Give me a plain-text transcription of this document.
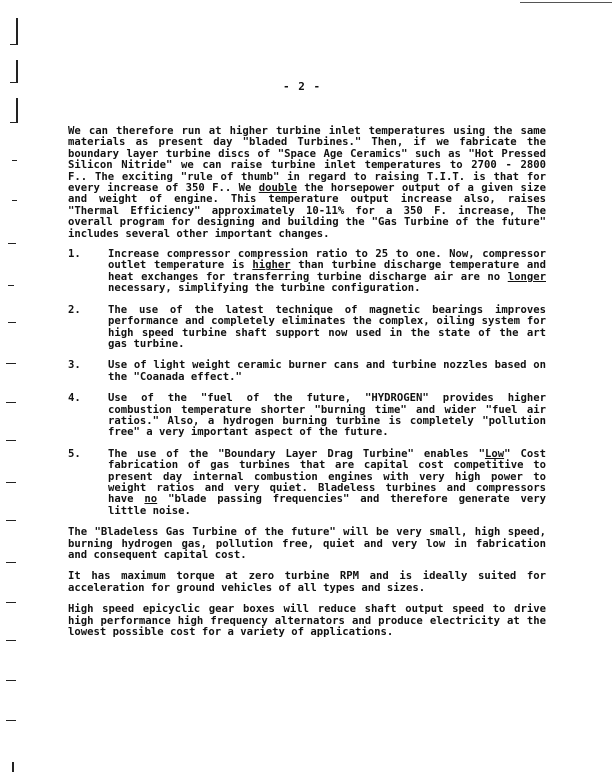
- 2 -

We can therefore run at higher turbine inlet temperatures using the same materials as present day "bladed Turbines." Then, if we fabricate the boundary layer turbine discs of "Space Age Ceramics" such as "Hot Pressed Silicon Nitride" we can raise turbine inlet temperatures to 2700 - 2800 F.. The exciting "rule of thumb" in regard to raising T.I.T. is that for every increase of 350 F.. We double the horsepower output of a given size and weight of engine. This temperature output increase also, raises "Thermal Efficiency" approximately 10-11% for a 350 F. increase, The overall program for designing and building the "Gas Turbine of the future" includes several other important changes.

1.	Increase compressor compression ratio to 25 to one. Now, compressor outlet temperature is higher than turbine discharge temperature and heat exchanges for transferring turbine discharge air are no longer necessary, simplifying the turbine configuration.
2.	The use of the latest technique of magnetic bearings improves performance and completely eliminates the complex, oiling system for high speed turbine shaft support now used in the state of the art gas turbine.
3.	Use of light weight ceramic burner cans and turbine nozzles based on the "Coanada effect."
4.	Use of the "fuel of the future, "HYDROGEN" provides higher combustion temperature shorter "burning time" and wider "fuel air ratios." Also, a hydrogen burning turbine is completely "pollution free" a very important aspect of the future.
5.	The use of the "Boundary Layer Drag Turbine" enables "Low" Cost fabrication of gas turbines that are capital cost competitive to present day internal combustion engines with very high power to weight ratios and very quiet. Bladeless turbines and compressors have no "blade passing frequencies" and therefore generate very little noise.

The "Bladeless Gas Turbine of the future" will be very small, high speed, burning hydrogen gas, pollution free, quiet and very low in fabrication and consequent capital cost.

It has maximum torque at zero turbine RPM and is ideally suited for acceleration for ground vehicles of all types and sizes.

High speed epicyclic gear boxes will reduce shaft output speed to drive high performance high frequency alternators and produce electricity at the lowest possible cost for a variety of applications.
